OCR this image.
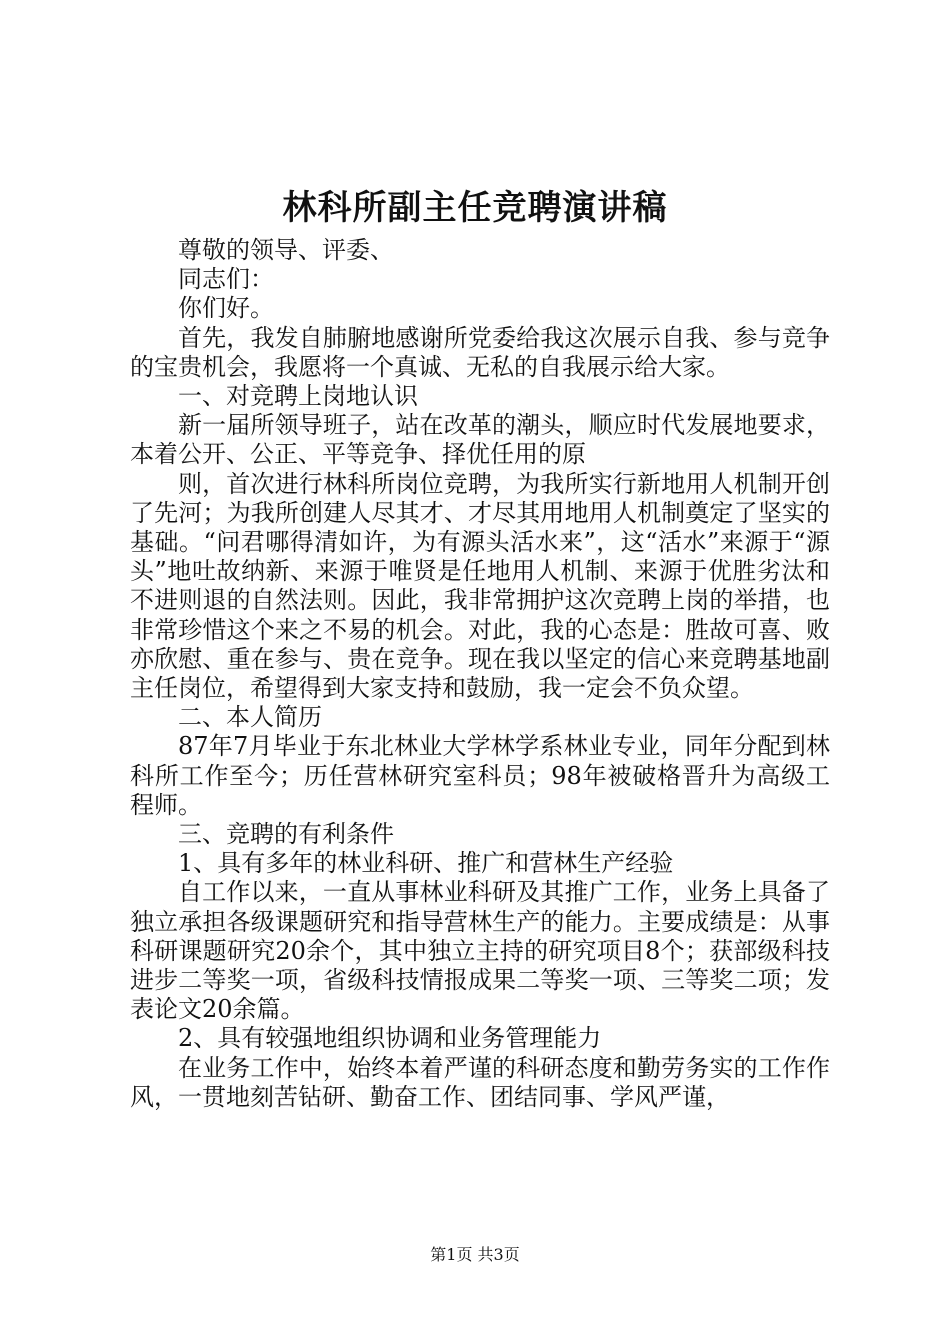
林科所副主任竞聘演讲稿

尊敬的领导、评委、

同志们：

你们好。

首先，我发自肺腑地感谢所党委给我这次展示自我、参与竞争的宝贵机会，我愿将一个真诚、无私的自我展示给大家。

一、对竞聘上岗地认识

新一届所领导班子，站在改革的潮头，顺应时代发展地要求，本着公开、公正、平等竞争、择优任用的原

则，首次进行林科所岗位竞聘，为我所实行新地用人机制开创了先河；为我所创建人尽其才、才尽其用地用人机制奠定了坚实的基础。“问君哪得清如许，为有源头活水来”，这“活水”来源于“源头”地吐故纳新、来源于唯贤是任地用人机制、来源于优胜劣汰和不进则退的自然法则。因此，我非常拥护这次竞聘上岗的举措，也非常珍惜这个来之不易的机会。对此，我的心态是：胜故可喜、败亦欣慰、重在参与、贵在竞争。现在我以坚定的信心来竞聘基地副主任岗位，希望得到大家支持和鼓励，我一定会不负众望。

二、本人简历

87年7月毕业于东北林业大学林学系林业专业，同年分配到林科所工作至今；历任营林研究室科员；98年被破格晋升为高级工程师。

三、竞聘的有利条件

1、具有多年的林业科研、推广和营林生产经验

自工作以来，一直从事林业科研及其推广工作，业务上具备了独立承担各级课题研究和指导营林生产的能力。主要成绩是：从事科研课题研究20余个，其中独立主持的研究项目8个；获部级科技进步二等奖一项，省级科技情报成果二等奖一项、三等奖二项；发表论文20余篇。

2、具有较强地组织协调和业务管理能力

在业务工作中，始终本着严谨的科研态度和勤劳务实的工作作风，一贯地刻苦钻研、勤奋工作、团结同事、学风严谨，

第1页 共3页
